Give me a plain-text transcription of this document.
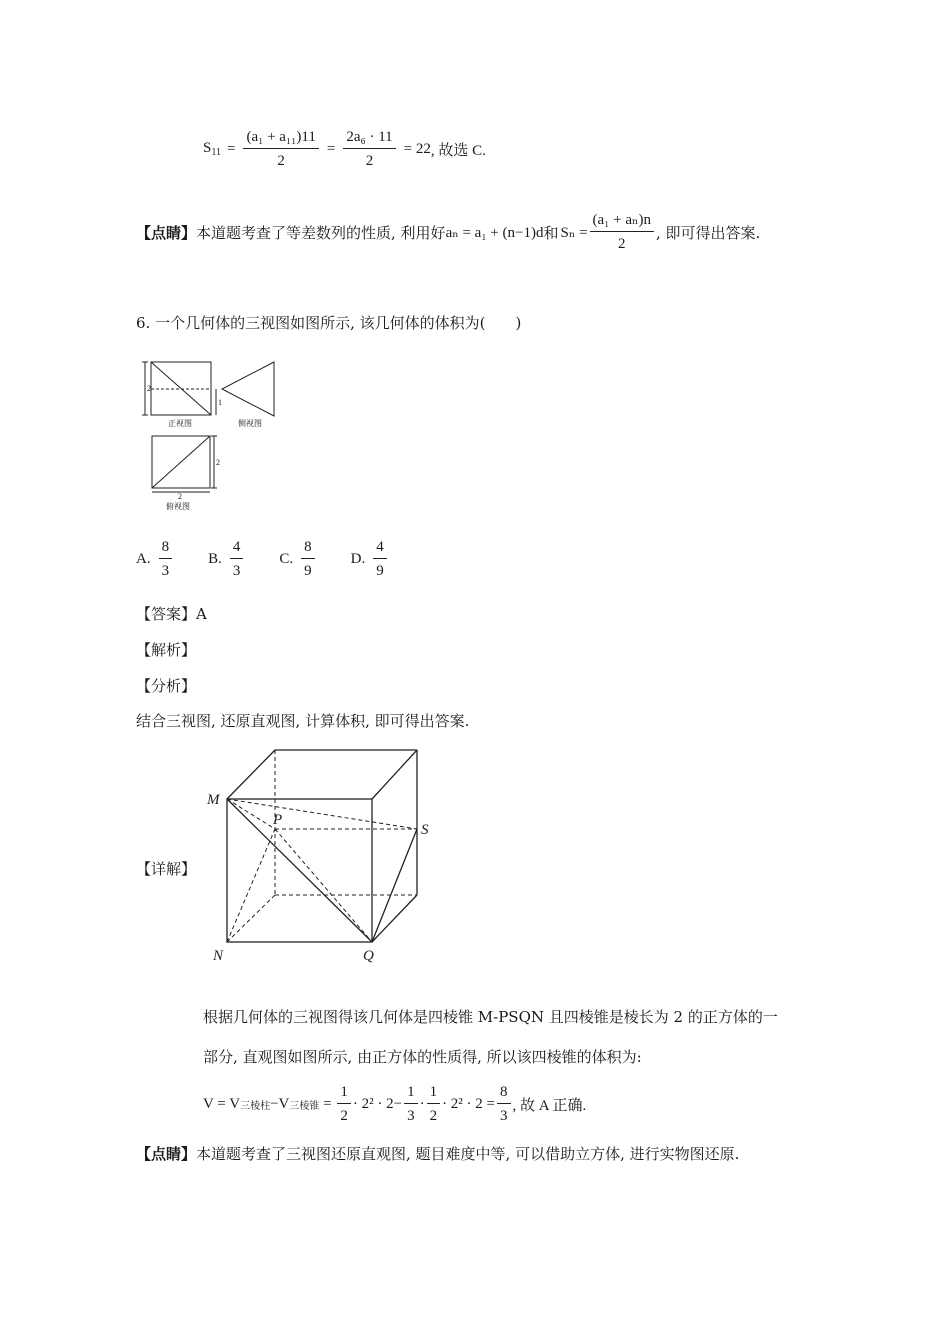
$S_{11} = \frac{\text{(a₁ + a₁₁)11}}{2} = \frac{\text{2a₆ · 11}}{2} = 22$ , 故选 C.
【点睛】 本道题考查了等差数列的性质, 利用好 aₙ = a₁ + (n−1)d 和 $S_n = \frac{\text{(a₁ + aₙ)n}}{2}$ , 即可得出答案.
6. 一个几何体的三视图如图所示, 该几何体的体积为(　　)
2
1
正视图	侧视图
2
2
俯视图
A. $\frac{8}{3} B$. $\frac{4}{3} C$. $\frac{8}{9} D$. $\frac{4}{9}$
【答案】A
【解析】
【分析】
结合三视图, 还原直观图, 计算体积, 即可得出答案.
【详解】
M
P
S
N	Q
根据几何体的三视图得该几何体是四棱锥 M-PSQN 且四棱锥是棱长为 2 的正方体的一
部分, 直观图如图所示, 由正方体的性质得, 所以该四棱锥的体积为:
V = V 三棱柱 −V 三棱锥 = $\frac{1}{2} \cdot 2^2 \cdot 2- \frac{1}{3} \cdot \frac{1}{2} \cdot 2^2 \cdot 2 = \frac{8}{3}$ , 故 A 正确.
【点睛】 本道题考查了三视图还原直观图, 题目难度中等, 可以借助立方体, 进行实物图还原.
